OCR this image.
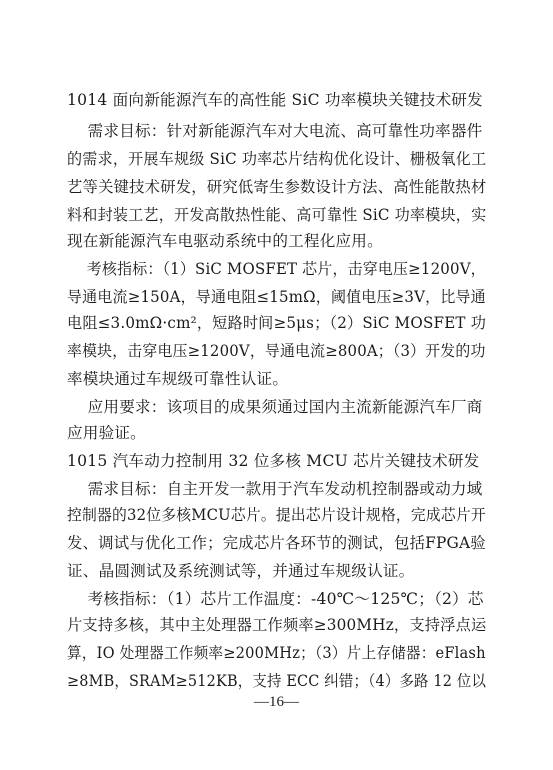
1014 面向新能源汽车的高性能 SiC 功率模块关键技术研发
需求目标：针对新能源汽车对大电流、高可靠性功率器件
的需求，开展车规级 SiC 功率芯片结构优化设计、栅极氧化工
艺等关键技术研发，研究低寄生参数设计方法、高性能散热材
料和封装工艺，开发高散热性能、高可靠性 SiC 功率模块，实
现在新能源汽车电驱动系统中的工程化应用。
考核指标：（1）SiC MOSFET 芯片，击穿电压≥1200V，
导通电流≥150A，导通电阻≤15mΩ，阈值电压≥3V，比导通
电阻≤3.0mΩ·cm²，短路时间≥5μs；（2）SiC MOSFET 功
率模块，击穿电压≥1200V，导通电流≥800A；（3）开发的功
率模块通过车规级可靠性认证。
应用要求：该项目的成果须通过国内主流新能源汽车厂商
应用验证。
1015 汽车动力控制用 32 位多核 MCU 芯片关键技术研发
需求目标：自主开发一款用于汽车发动机控制器或动力域
控制器的32位多核MCU芯片。提出芯片设计规格，完成芯片开
发、调试与优化工作；完成芯片各环节的测试，包括FPGA验
证、晶圆测试及系统测试等，并通过车规级认证。
考核指标：（1）芯片工作温度：-40℃～125℃；（2）芯
片支持多核，其中主处理器工作频率≥300MHz，支持浮点运
算，IO 处理器工作频率≥200MHz；（3）片上存储器：eFlash
≥8MB，SRAM≥512KB，支持 ECC 纠错；（4）多路 12 位以
—16—
